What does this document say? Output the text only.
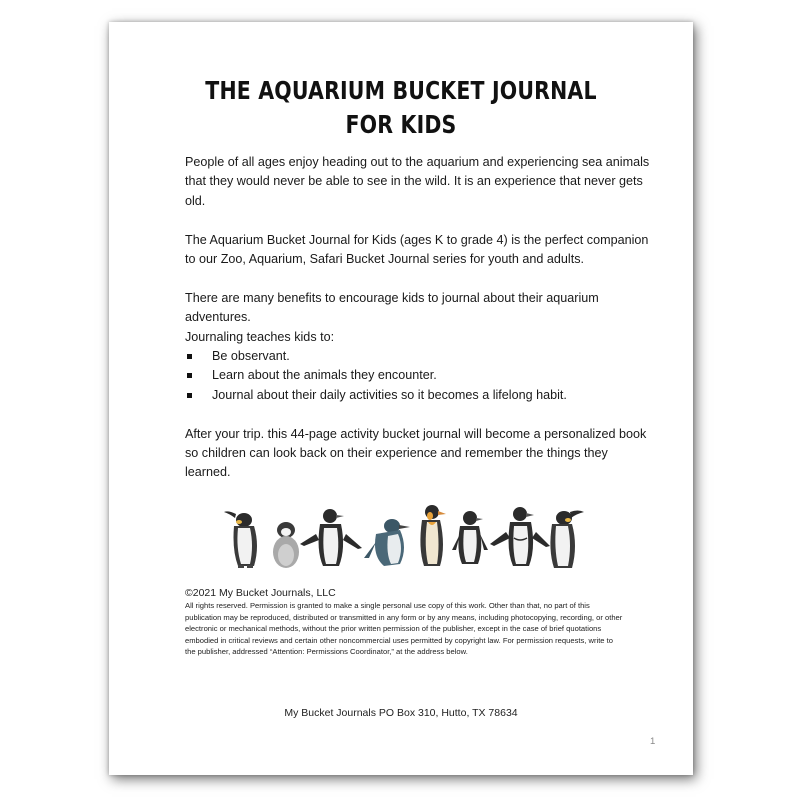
THE AQUARIUM BUCKET JOURNAL
FOR KIDS

People of all ages enjoy heading out to the aquarium and experiencing sea animals that they would never be able to see in the wild. It is an experience that never gets old.

The Aquarium Bucket Journal for Kids (ages K to grade 4) is the perfect companion to our Zoo, Aquarium, Safari Bucket Journal series for youth and adults.

There are many benefits to encourage kids to journal about their aquarium adventures.

Journaling teaches kids to:

Be observant.
Learn about the animals they encounter.
Journal about their daily activities so it becomes a lifelong habit.

After your trip. this 44-page activity bucket journal will become a personalized book so children can look back on their experience and remember the things they learned.

©2021 My Bucket Journals, LLC
All rights reserved. Permission is granted to make a single personal use copy of this work. Other than that, no part of this publication may be reproduced, distributed or transmitted in any form or by any means, including photocopying, recording, or other electronic or mechanical methods, without the prior written permission of the publisher, except in the case of brief quotations embodied in critical reviews and certain other noncommercial uses permitted by copyright law. For permission requests, write to the publisher, addressed “Attention: Permissions Coordinator,” at the address below.
My Bucket Journals PO Box 310, Hutto, TX 78634
1
